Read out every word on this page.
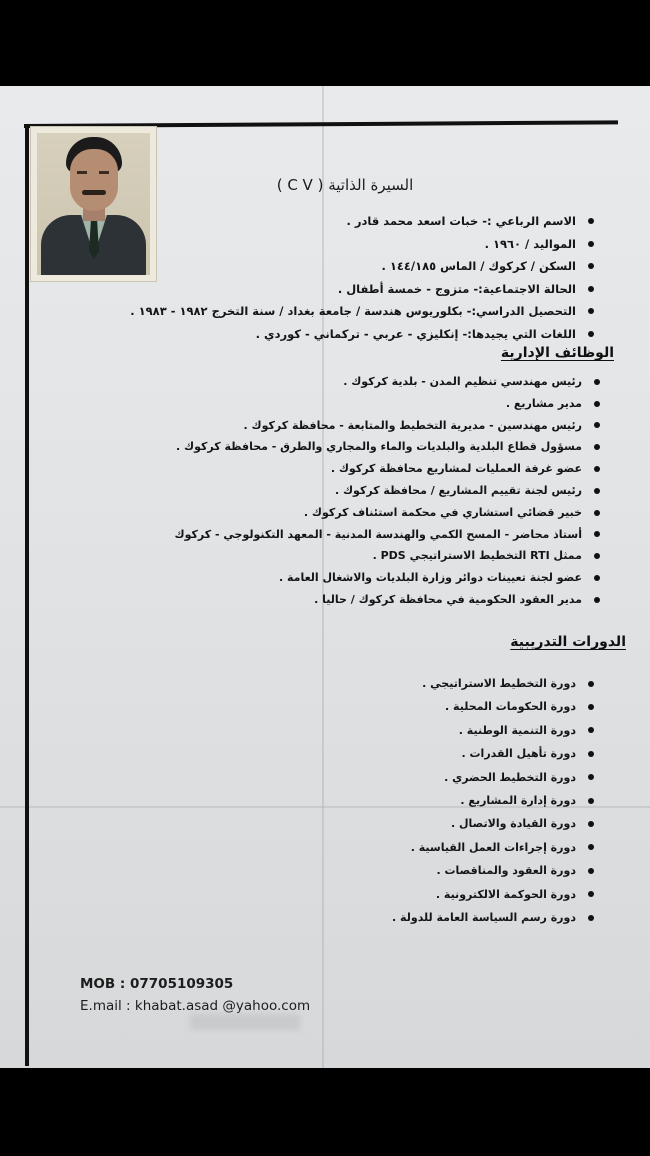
السيرة الذاتية ( C V )
الاسم الرباعي :- خبات اسعد محمد قادر .
المواليد / ١٩٦٠ .
السكن / كركوك / الماس ١٤٤/١٨٥ .
الحالة الاجتماعية:- متزوج - خمسة أطفال .
التحصيل الدراسي:- بكلوريوس هندسة / جامعة بغداد / سنة التخرج ١٩٨٢ - ١٩٨٣ .
اللغات التي يجيدها:- إنكليزي - عربي - تركماني - كوردي .
الوظائف الإدارية
رئيس مهندسي تنظيم المدن - بلدية كركوك .
مدير مشاريع .
رئيس مهندسين - مديرية التخطيط والمتابعة - محافظة كركوك .
مسؤول قطاع البلدية والبلديات والماء والمجاري والطرق - محافظة كركوك .
عضو غرفة العمليات لمشاريع محافظة كركوك .
رئيس لجنة تقييم المشاريع / محافظة كركوك .
خبير قضائي استشاري في محكمة استئناف كركوك .
أستاذ محاضر - المسح الكمي والهندسة المدنية - المعهد التكنولوجي - كركوك
ممثل RTI التخطيط الاستراتيجي PDS .
عضو لجنة تعيينات دوائر وزارة البلديات والاشغال العامة .
مدير العقود الحكومية في محافظة كركوك / حاليا .
الدورات التدريبية
دورة التخطيط الاستراتيجي .
دورة الحكومات المحلية .
دورة التنمية الوطنية .
دورة تأهيل القدرات .
دورة التخطيط الحضري .
دورة إدارة المشاريع .
دورة القيادة والاتصال .
دورة إجراءات العمل القياسية .
دورة العقود والمناقصات .
دورة الحوكمة الالكترونية .
دورة رسم السياسة العامة للدولة .
MOB : 07705109305
E.mail : khabat.asad @yahoo.com
